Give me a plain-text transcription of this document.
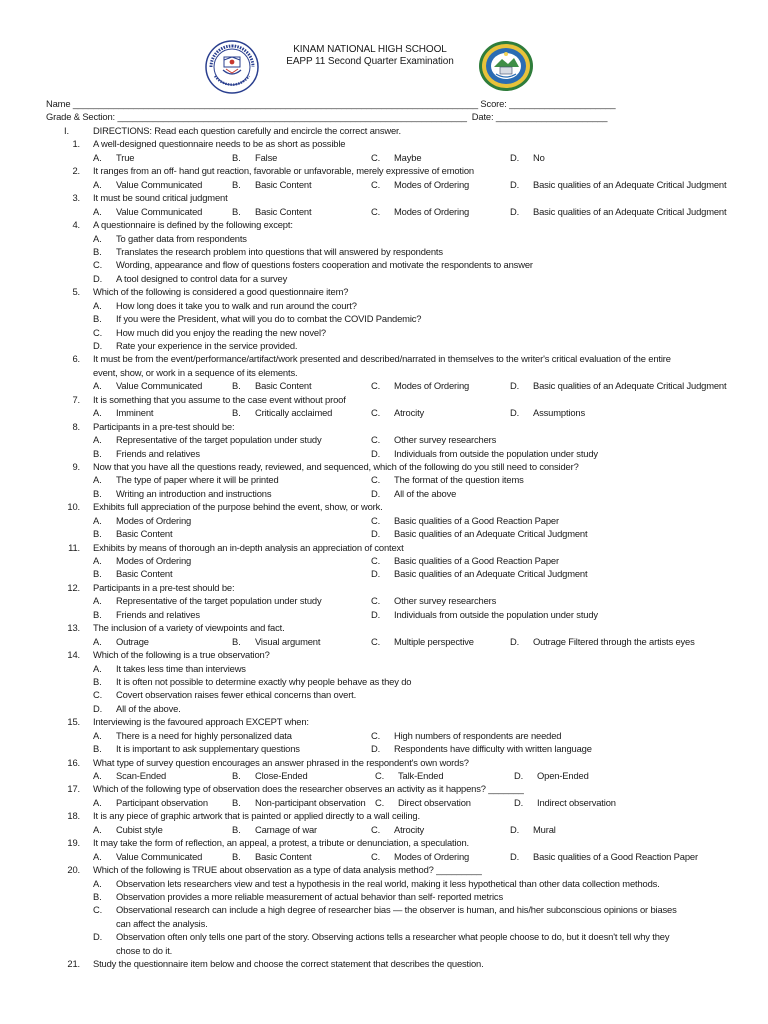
KINAM NATIONAL HIGH SCHOOL
EAPP 11 Second Quarter Examination
Name ________________________________________________________________________________ Score: _____________________
Grade & Section: _____________________________________________________________________  Date: ______________________
I.	DIRECTIONS: Read each question carefully and encircle the correct answer.
1. A well-designed questionnaire needs to be as short as possible
A. True	B. False	C. Maybe	D. No
2. It ranges from an off- hand gut reaction, favorable or unfavorable, merely expressive of emotion
A. Value Communicated	B. Basic Content	C. Modes of Ordering	D. Basic qualities of an Adequate Critical Judgment
3. It must be sound critical judgment
A. Value Communicated	B. Basic Content	C. Modes of Ordering	D. Basic qualities of an Adequate Critical Judgment
4. A questionnaire is defined by the following except:
A. To gather data from respondents
B. Translates the research problem into questions that will answered by respondents
C. Wording, appearance and flow of questions fosters cooperation and motivate the respondents to answer
D. A tool designed to control data for a survey
5. Which of the following is considered a good questionnaire item?
A. How long does it take you to walk and run around the court?
B. If you were the President, what will you do to combat the COVID Pandemic?
C. How much did you enjoy the reading the new novel?
D. Rate your experience in the service provided.
6. It must be from the event/performance/artifact/work presented and described/narrated in themselves to the writer's critical evaluation of the entire
event, show, or work in a sequence of its elements.
A. Value Communicated	B. Basic Content	C. Modes of Ordering	D. Basic qualities of an Adequate Critical Judgment
7. It is something that you assume to the case event without proof
A. Imminent	B. Critically acclaimed	C. Atrocity	D. Assumptions
8. Participants in a pre-test should be:
A. Representative of the target population under study	C. Other survey researchers
B. Friends and relatives	D. Individuals from outside the population under study
9. Now that you have all the questions ready, reviewed, and sequenced, which of the following do you still need to consider?
A. The type of paper where it will be printed	C. The format of the question items
B. Writing an introduction and instructions	D. All of the above
10. Exhibits full appreciation of the purpose behind the event, show, or work.
A. Modes of Ordering	C. Basic qualities of a Good Reaction Paper
B. Basic Content	D. Basic qualities of an Adequate Critical Judgment
11. Exhibits by means of thorough an in-depth analysis an appreciation of context
A. Modes of Ordering	C. Basic qualities of a Good Reaction Paper
B. Basic Content	D. Basic qualities of an Adequate Critical Judgment
12. Participants in a pre-test should be:
A. Representative of the target population under study	C. Other survey researchers
B. Friends and relatives	D. Individuals from outside the population under study
13. The inclusion of a variety of viewpoints and fact.
A. Outrage	B. Visual argument	C. Multiple perspective	D. Outrage Filtered through the artists eyes
14. Which of the following is a true observation?
A. It takes less time than interviews
B. It is often not possible to determine exactly why people behave as they do
C. Covert observation raises fewer ethical concerns than overt.
D. All of the above.
15. Interviewing is the favoured approach EXCEPT when:
A. There is a need for highly personalized data	C. High numbers of respondents are needed
B. It is important to ask supplementary questions	D. Respondents have difficulty with written language
16. What type of survey question encourages an answer phrased in the respondent's own words?
A. Scan-Ended	B. Close-Ended	C. Talk-Ended	D. Open-Ended
17. Which of the following type of observation does the researcher observes an activity as it happens? _______
A. Participant observation	B. Non-participant observation C. Direct observation	D. Indirect observation
18. It is any piece of graphic artwork that is painted or applied directly to a wall ceiling.
A. Cubist style	B. Carnage of war	C. Atrocity	D. Mural
19. It may take the form of reflection, an appeal, a protest, a tribute or denunciation, a speculation.
A. Value Communicated	B. Basic Content	C. Modes of Ordering	D. Basic qualities of a Good Reaction Paper
20. Which of the following is TRUE about observation as a type of data analysis method? _________
A. Observation lets researchers view and test a hypothesis in the real world, making it less hypothetical than other data collection methods.
B. Observation provides a more reliable measurement of actual behavior than self- reported metrics
C. Observational research can include a high degree of researcher bias — the observer is human, and his/her subconscious opinions or biases
can affect the analysis.
D. Observation often only tells one part of the story. Observing actions tells a researcher what people choose to do, but it doesn't tell why they
chose to do it.
21. Study the questionnaire item below and choose the correct statement that describes the question.
